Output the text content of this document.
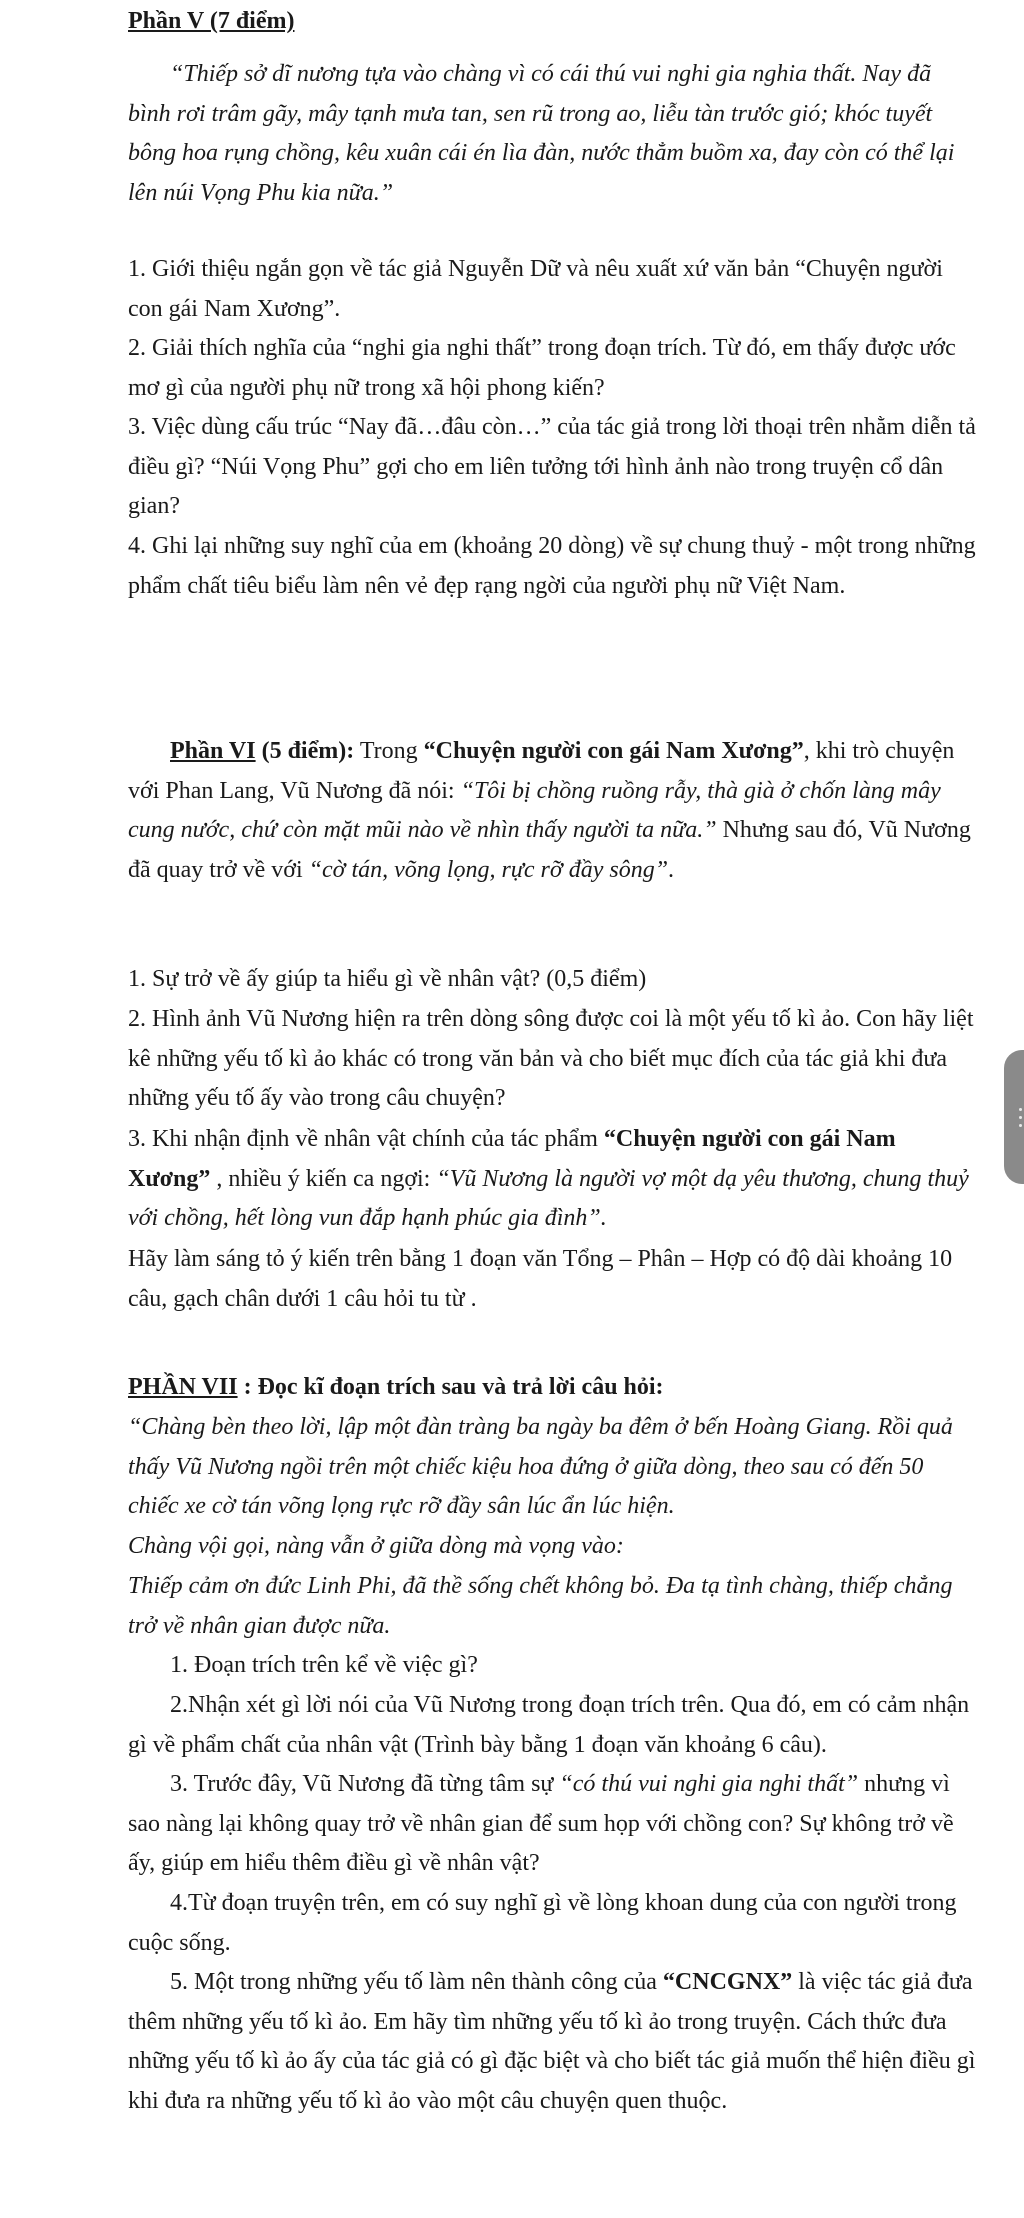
Phần V (7 điểm)

“Thiếp sở dĩ nương tựa vào chàng vì có cái thú vui nghi gia nghia thất. Nay đã bình rơi trâm gãy, mây tạnh mưa tan, sen rũ trong ao, liễu tàn trước gió; khóc tuyết bông hoa rụng chồng, kêu xuân cái én lìa đàn, nước thẳm buồm xa, đay còn có thể lại lên núi Vọng Phu kia nữa.”

1. Giới thiệu ngắn gọn về tác giả Nguyễn Dữ và nêu xuất xứ văn bản “Chuyện người con gái Nam Xương”.

2. Giải thích nghĩa của “nghi gia nghi thất” trong đoạn trích. Từ đó, em thấy được ước mơ gì của người phụ nữ trong xã hội phong kiến?

3. Việc dùng cấu trúc “Nay đã…đâu còn…” của tác giả trong lời thoại trên nhằm diễn tả điều gì? “Núi Vọng Phu” gợi cho em liên tưởng tới hình ảnh nào trong truyện cổ dân gian?

4. Ghi lại những suy nghĩ của em (khoảng 20 dòng) về sự chung thuỷ - một trong những phẩm chất tiêu biểu làm nên vẻ đẹp rạng ngời của người phụ nữ Việt Nam.

Phần VI (5 điểm): Trong “Chuyện người con gái Nam Xương”, khi trò chuyện với Phan Lang, Vũ Nương đã nói: “Tôi bị chồng ruồng rẫy, thà già ở chốn làng mây cung nước, chứ còn mặt mũi nào về nhìn thấy người ta nữa.” Nhưng sau đó, Vũ Nương đã quay trở về với “cờ tán, võng lọng, rực rỡ đầy sông”.

1. Sự trở về ấy giúp ta hiểu gì về nhân vật? (0,5 điểm)

2. Hình ảnh Vũ Nương hiện ra trên dòng sông được coi là một yếu tố kì ảo. Con hãy liệt kê những yếu tố kì ảo khác có trong văn bản và cho biết mục đích của tác giả khi đưa những yếu tố ấy vào trong câu chuyện?

3. Khi nhận định về nhân vật chính của tác phẩm “Chuyện người con gái Nam Xương” , nhiều ý kiến ca ngợi: “Vũ Nương là người vợ một dạ yêu thương, chung thuỷ với chồng, hết lòng vun đắp hạnh phúc gia đình”.

Hãy làm sáng tỏ ý kiến trên bằng 1 đoạn văn Tổng – Phân – Hợp có độ dài khoảng 10 câu, gạch chân dưới 1 câu hỏi tu từ .

PHẦN VII : Đọc kĩ đoạn trích sau và trả lời câu hỏi:

“Chàng bèn theo lời, lập một đàn tràng ba ngày ba đêm ở bến Hoàng Giang. Rồi quả thấy Vũ Nương ngồi trên một chiếc kiệu hoa đứng ở giữa dòng, theo sau có đến 50 chiếc xe cờ tán võng lọng rực rỡ đầy sân lúc ẩn lúc hiện.

Chàng vội gọi, nàng vẫn ở giữa dòng mà vọng vào:

Thiếp cảm ơn đức Linh Phi, đã thề sống chết không bỏ. Đa tạ tình chàng, thiếp chẳng trở về nhân gian được nữa.

1. Đoạn trích trên kể về việc gì?

2.Nhận xét gì lời nói của Vũ Nương trong đoạn trích trên. Qua đó, em có cảm nhận gì về phẩm chất của nhân vật (Trình bày bằng 1 đoạn văn khoảng 6 câu).

3. Trước đây, Vũ Nương đã từng tâm sự “có thú vui nghi gia nghi thất” nhưng vì sao nàng lại không quay trở về nhân gian để sum họp với chồng con? Sự không trở về ấy, giúp em hiểu thêm điều gì về nhân vật?

4.Từ đoạn truyện trên, em có suy nghĩ gì về lòng khoan dung của con người trong cuộc sống.

5. Một trong những yếu tố làm nên thành công của “CNCGNX” là việc tác giả đưa thêm những yếu tố kì ảo. Em hãy tìm những yếu tố kì ảo trong truyện. Cách thức đưa những yếu tố kì ảo ấy của tác giả có gì đặc biệt và cho biết tác giả muốn thể hiện điều gì khi đưa ra những yếu tố kì ảo vào một câu chuyện quen thuộc.
